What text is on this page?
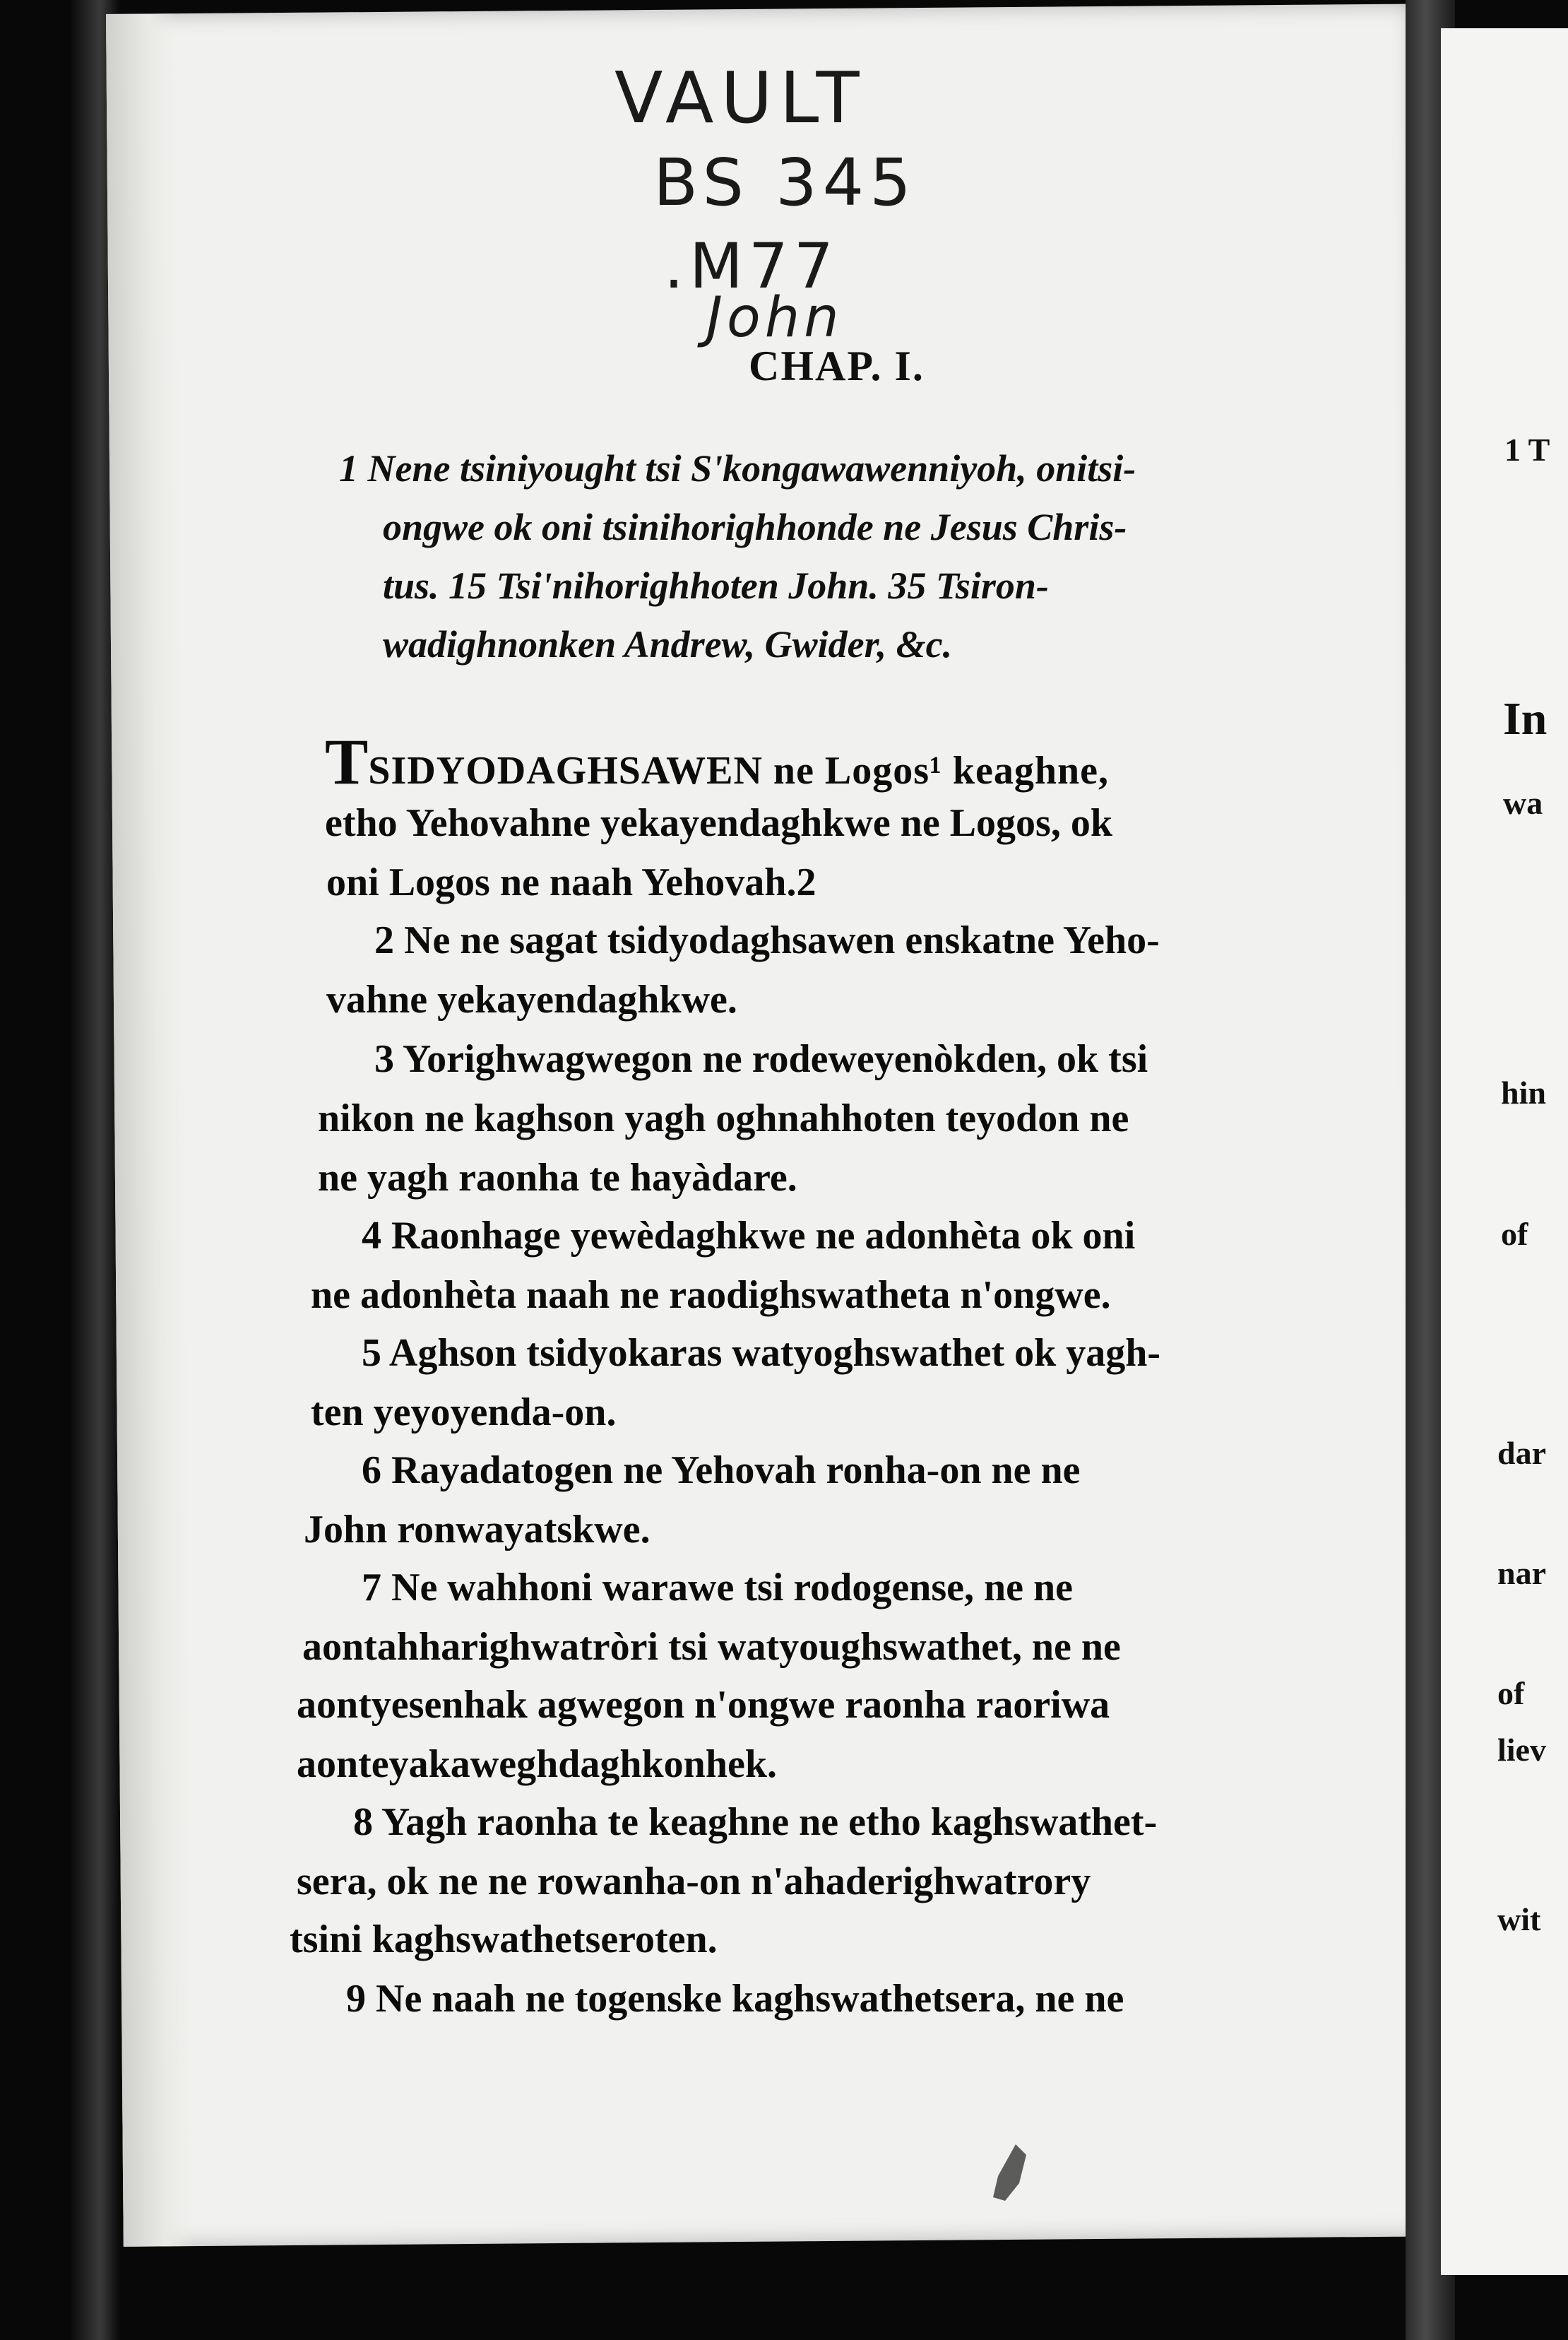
1 T
In
wa
hin
of
dar
nar
of
liev
wit
VAULT
BS 345
.M77
John
CHAP. I.
1 Nene tsiniyought tsi S'kongawawenniyoh, onitsi-
ongwe ok oni tsinihorighhonde ne Jesus Chris-
tus. 15 Tsi'nihorighhoten John. 35 Tsiron-
wadighnonken Andrew, Gwider, &c.
TSIDYODAGHSAWEN ne Logos¹ keaghne,
etho Yehovahne yekayendaghkwe ne Logos, ok
oni Logos ne naah Yehovah.2
2 Ne ne sagat tsidyodaghsawen enskatne Yeho-
vahne yekayendaghkwe.
3 Yorighwagwegon ne rodeweyenòkden, ok tsi
nikon ne kaghson yagh oghnahhoten teyodon ne
ne yagh raonha te hayàdare.
4 Raonhage yewèdaghkwe ne adonhèta ok oni
ne adonhèta naah ne raodighswatheta n'ongwe.
5 Aghson tsidyokaras watyoghswathet ok yagh-
ten yeyoyenda-on.
6 Rayadatogen ne Yehovah ronha-on ne ne
John ronwayatskwe.
7 Ne wahhoni warawe tsi rodogense, ne ne
aontahharighwatròri tsi watyoughswathet, ne ne
aontyesenhak agwegon n'ongwe raonha raoriwa
aonteyakaweghdaghkonhek.
8 Yagh raonha te keaghne ne etho kaghswathet-
sera, ok ne ne rowanha-on n'ahaderighwatrory
tsini kaghswathetseroten.
9 Ne naah ne togenske kaghswathetsera, ne ne
